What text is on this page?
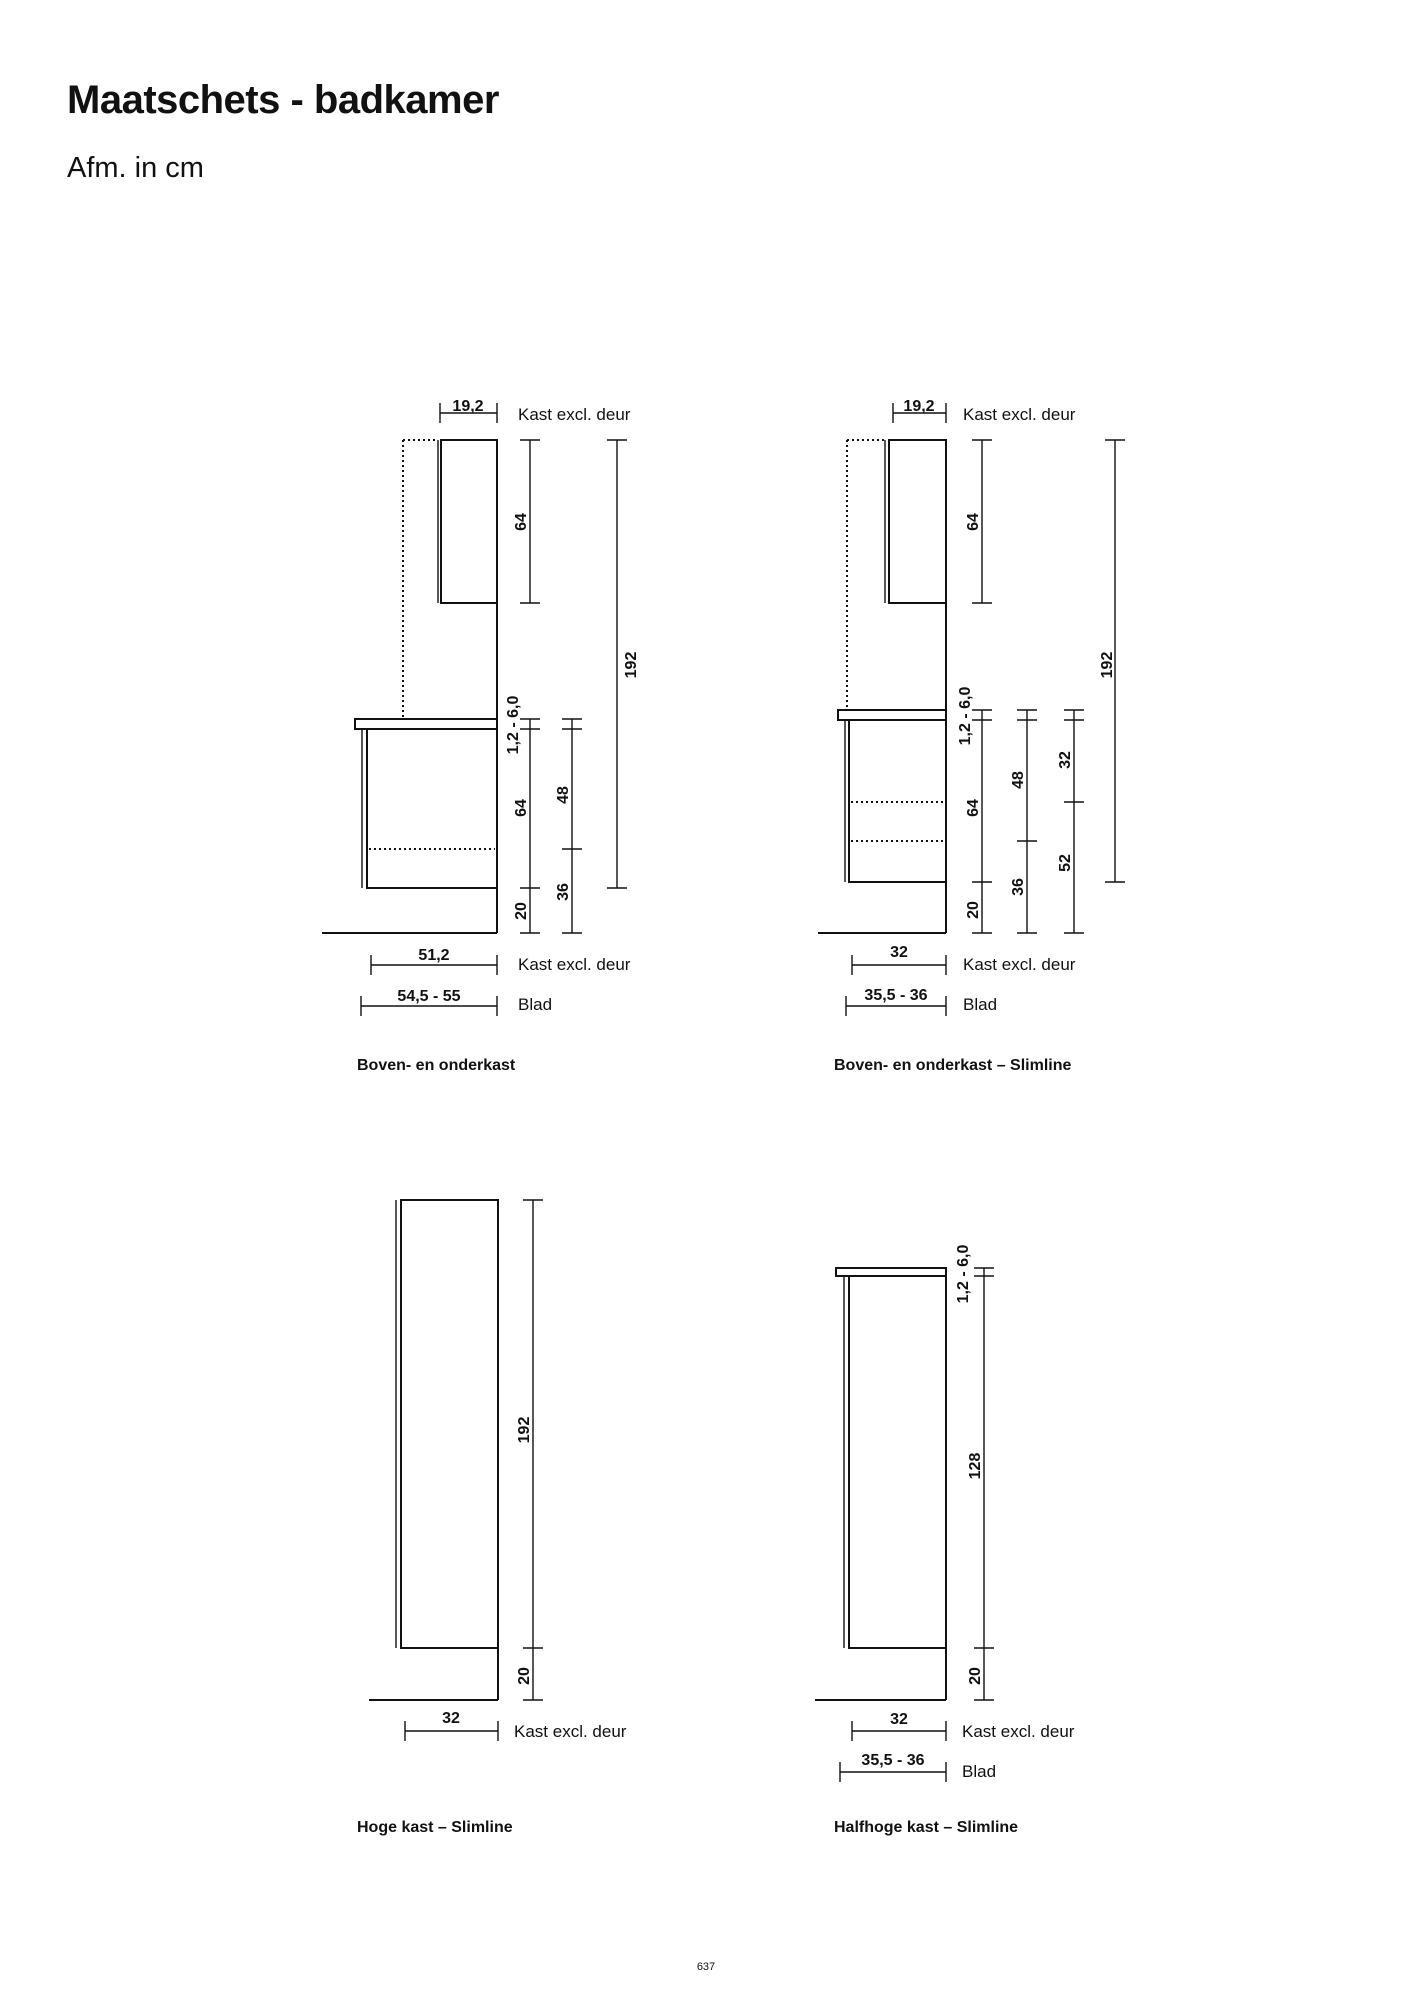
Maatschets - badkamer

Afm. in cm

19,2 Kast excl. deur
64
1,2 - 6,0
64
20
48
36
192
51,2	Kast excl. deur
54,5 - 55	Blad
Boven- en onderkast
19,2 Kast excl. deur
64
1,2 - 6,0
64
20
48
36
32
52
192
32
Kast excl. deur
35,5 - 36 Blad
Boven- en onderkast – Slimline
192
20
32
Kast excl. deur
Hoge kast – Slimline
1,2 - 6,0
128
20
32
Kast excl. deur
35,5 - 36
Blad
Halfhoge kast – Slimline
637
